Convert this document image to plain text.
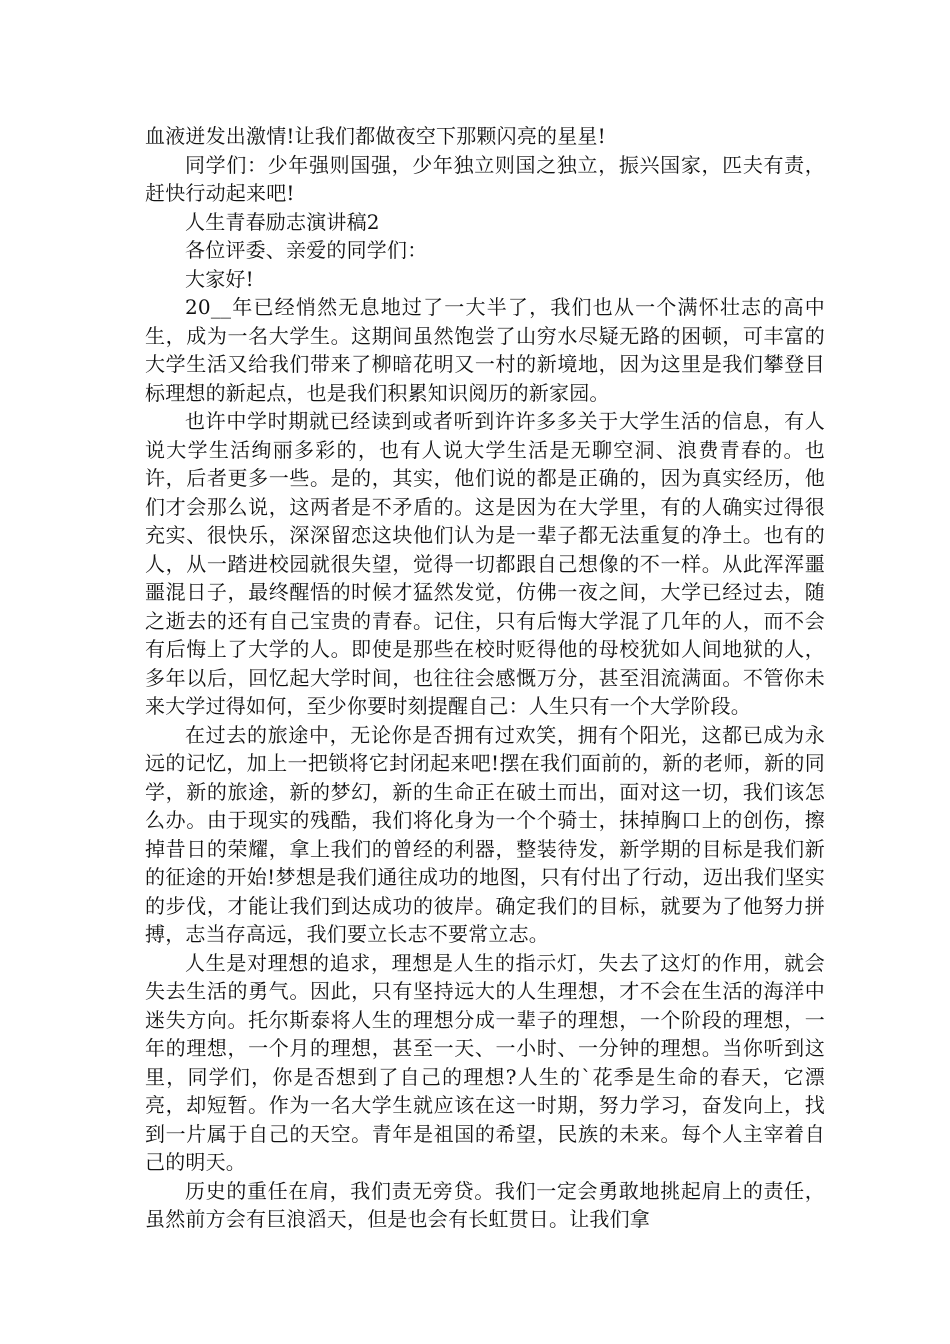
血液迸发出激情!让我们都做夜空下那颗闪亮的星星!

同学们：少年强则国强，少年独立则国之独立，振兴国家，匹夫有责，赶快行动起来吧!

人生青春励志演讲稿2

各位评委、亲爱的同学们：

大家好!

20__年已经悄然无息地过了一大半了，我们也从一个满怀壮志的高中生，成为一名大学生。这期间虽然饱尝了山穷水尽疑无路的困顿，可丰富的大学生活又给我们带来了柳暗花明又一村的新境地，因为这里是我们攀登目标理想的新起点，也是我们积累知识阅历的新家园。

也许中学时期就已经读到或者听到许许多多关于大学生活的信息，有人说大学生活绚丽多彩的，也有人说大学生活是无聊空洞、浪费青春的。也许，后者更多一些。是的，其实，他们说的都是正确的，因为真实经历，他们才会那么说，这两者是不矛盾的。这是因为在大学里，有的人确实过得很充实、很快乐，深深留恋这块他们认为是一辈子都无法重复的净土。也有的人，从一踏进校园就很失望，觉得一切都跟自己想像的不一样。从此浑浑噩噩混日子，最终醒悟的时候才猛然发觉，仿佛一夜之间，大学已经过去，随之逝去的还有自己宝贵的青春。记住，只有后悔大学混了几年的人，而不会有后悔上了大学的人。即使是那些在校时贬得他的母校犹如人间地狱的人，多年以后，回忆起大学时间，也往往会感慨万分，甚至泪流满面。不管你未来大学过得如何，至少你要时刻提醒自己：人生只有一个大学阶段。

在过去的旅途中，无论你是否拥有过欢笑，拥有个阳光，这都已成为永远的记忆，加上一把锁将它封闭起来吧!摆在我们面前的，新的老师，新的同学，新的旅途，新的梦幻，新的生命正在破土而出，面对这一切，我们该怎么办。由于现实的残酷，我们将化身为一个个骑士，抹掉胸口上的创伤，擦掉昔日的荣耀，拿上我们的曾经的利器，整装待发，新学期的目标是我们新的征途的开始!梦想是我们通往成功的地图，只有付出了行动，迈出我们坚实的步伐，才能让我们到达成功的彼岸。确定我们的目标，就要为了他努力拼搏，志当存高远，我们要立长志不要常立志。

人生是对理想的追求，理想是人生的指示灯，失去了这灯的作用，就会失去生活的勇气。因此，只有坚持远大的人生理想，才不会在生活的海洋中迷失方向。托尔斯泰将人生的理想分成一辈子的理想，一个阶段的理想，一年的理想，一个月的理想，甚至一天、一小时、一分钟的理想。当你听到这里，同学们，你是否想到了自己的理想?人生的`花季是生命的春天，它漂亮，却短暂。作为一名大学生就应该在这一时期，努力学习，奋发向上，找到一片属于自己的天空。青年是祖国的希望，民族的未来。每个人主宰着自己的明天。

历史的重任在肩，我们责无旁贷。我们一定会勇敢地挑起肩上的责任，虽然前方会有巨浪滔天，但是也会有长虹贯日。让我们拿
